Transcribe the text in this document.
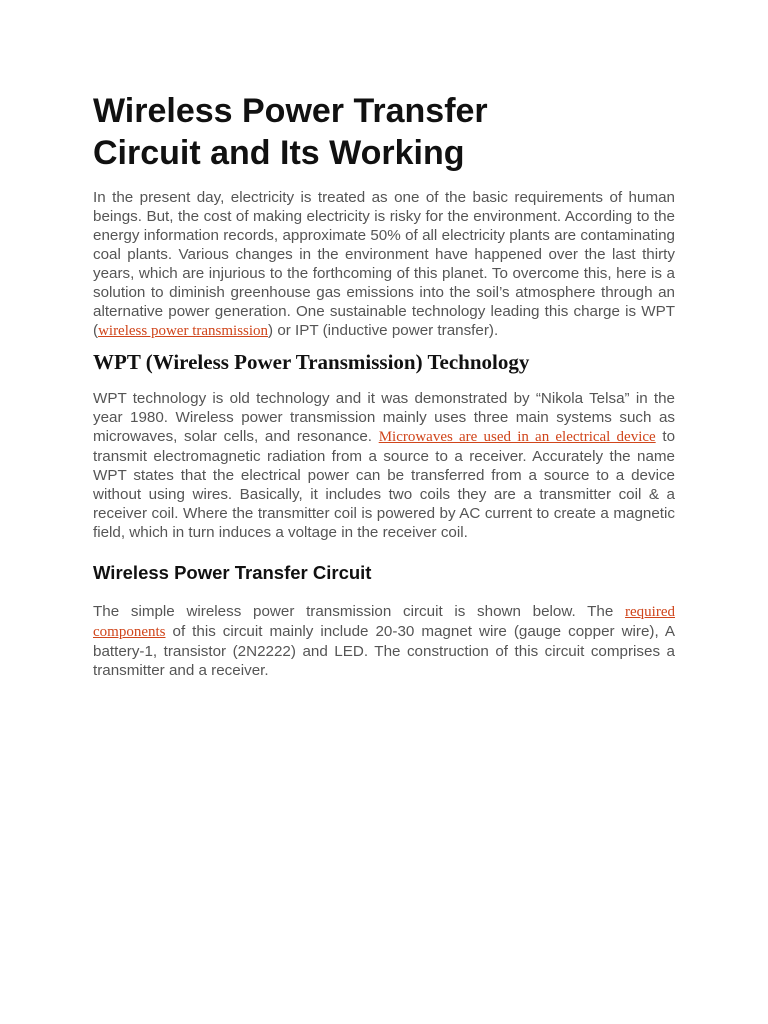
Wireless Power Transfer
Circuit and Its Working

In the present day, electricity is treated as one of the basic requirements of human beings. But, the cost of making electricity is risky for the environment. According to the energy information records, approximate 50% of all electricity plants are contaminating coal plants. Various changes in the environment have happened over the last thirty years, which are injurious to the forthcoming of this planet. To overcome this, here is a solution to diminish greenhouse gas emissions into the soil’s atmosphere through an alternative power generation. One sustainable technology leading this charge is WPT (wireless power transmission) or IPT (inductive power transfer).

WPT (Wireless Power Transmission) Technology

WPT technology is old technology and it was demonstrated by “Nikola Telsa” in the year 1980. Wireless power transmission mainly uses three main systems such as microwaves, solar cells, and resonance. Microwaves are used in an electrical device to transmit electromagnetic radiation from a source to a receiver. Accurately the name WPT states that the electrical power can be transferred from a source to a device without using wires. Basically, it includes two coils they are a transmitter coil & a receiver coil. Where the transmitter coil is powered by AC current to create a magnetic field, which in turn induces a voltage in the receiver coil.

Wireless Power Transfer Circuit

The simple wireless power transmission circuit is shown below. The required components of this circuit mainly include 20-30 magnet wire (gauge copper wire), A battery-1, transistor (2N2222) and LED. The construction of this circuit comprises a transmitter and a receiver.
